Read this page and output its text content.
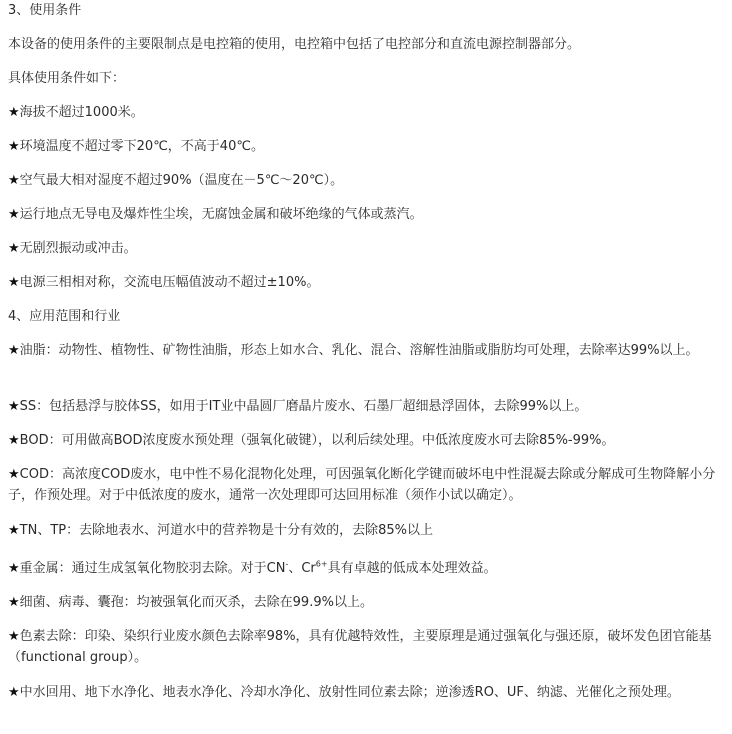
3、使用条件
本设备的使用条件的主要限制点是电控箱的使用，电控箱中包括了电控部分和直流电源控制器部分。
具体使用条件如下：
★海拔不超过1000米。
★环境温度不超过零下20℃，不高于40℃。
★空气最大相对湿度不超过90%（温度在－5℃～20℃）。
★运行地点无导电及爆炸性尘埃，无腐蚀金属和破坏绝缘的气体或蒸汽。
★无剧烈振动或冲击。
★电源三相相对称，交流电压幅值波动不超过±10%。
4、应用范围和行业
★油脂：动物性、植物性、矿物性油脂，形态上如水合、乳化、混合、溶解性油脂或脂肪均可处理，去除率达99%以上。
★SS：包括悬浮与胶体SS，如用于IT业中晶圆厂磨晶片废水、石墨厂超细悬浮固体，去除99%以上。
★BOD：可用做高BOD浓度废水预处理（强氧化破键），以利后续处理。中低浓度废水可去除85%-99%。
★COD：高浓度COD废水，电中性不易化混物化处理，可因强氧化断化学键而破坏电中性混凝去除或分解成可生物降解小分子，作预处理。对于中低浓度的废水，通常一次处理即可达回用标准（须作小试以确定）。
★TN、TP：去除地表水、河道水中的营养物是十分有效的，去除85%以上
★重金属：通过生成氢氧化物胶羽去除。对于CN-、$Cr^{6+}$具有卓越的低成本处理效益。
★细菌、病毒、囊孢：均被强氧化而灭杀，去除在99.9%以上。
★色素去除：印染、染织行业废水颜色去除率98%，具有优越特效性，主要原理是通过强氧化与强还原，破坏发色团官能基（functional group）。
★中水回用、地下水净化、地表水净化、冷却水净化、放射性同位素去除；逆渗透RO、UF、纳滤、光催化之预处理。
